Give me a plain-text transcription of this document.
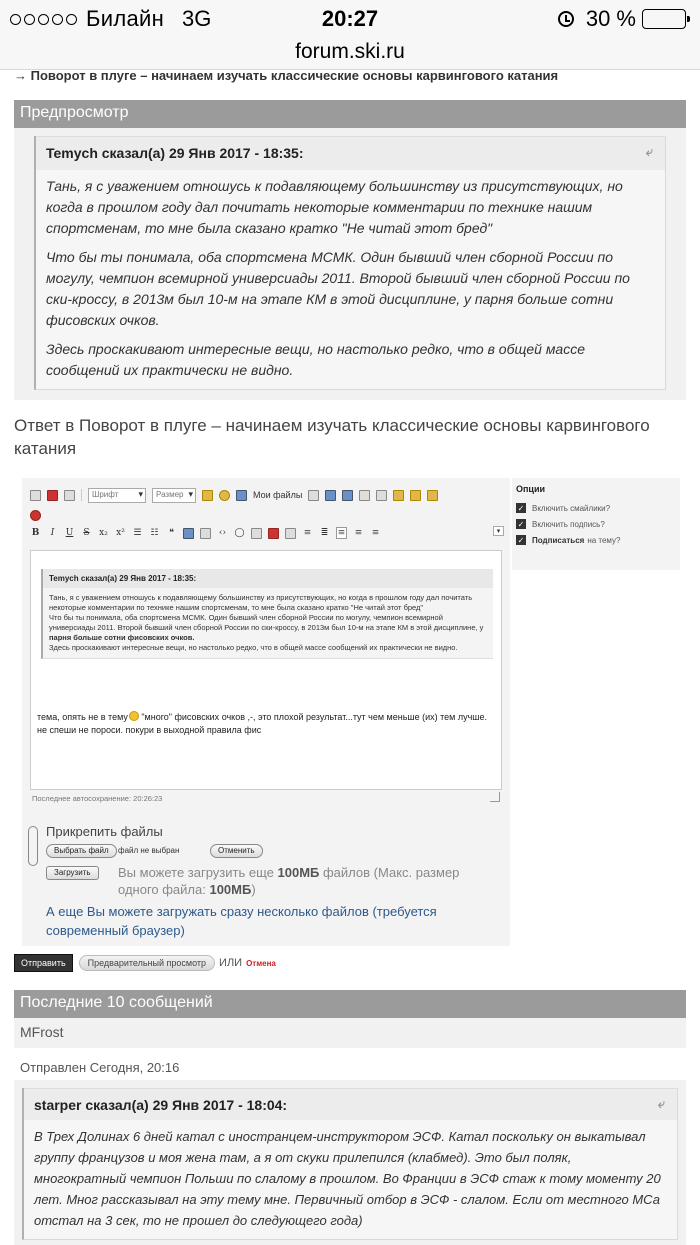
Билайн 3G	20:27	30 %
forum.ski.ru
→ Поворот в плуге – начинаем изучать классические основы карвингового катания
Предпросмотр
Temych сказал(а) 29 Янв 2017 - 18:35:	⤶

Тань, я с уважением отношусь к подавляющему большинству из присутствующих, но когда в прошлом году дал почитать некоторые комментарии по технике нашим спортсменам, то мне была сказано кратко "Не читай этот бред"

Что бы ты понимала, оба спортсмена МСМК. Один бывший член сборной России по могулу, чемпион всемирной универсиады 2011. Второй бывший член сборной России по ски-кроссу, в 2013м был 10-м на этапе КМ в этой дисциплине, у парня больше сотни фисовских очков.

Здесь проскакивают интересные вещи, но настолько редко, что в общей массе сообщений их практически не видно.

Ответ в Поворот в плуге – начинаем изучать классические основы карвингового катания
Шрифт ▾	Размер ▾	Мои файлы
B	I	U S x₂ x² ☰ ☷	❝	‹› ◯	≡ ≣ ≡ ≡ ≡	▾
Temych сказал(а) 29 Янв 2017 - 18:35:
Тань, я с уважением отношусь к подавляющему большинству из присутствующих, но когда в прошлом году дал почитать некоторые комментарии по технике нашим спортсменам, то мне была сказано кратко "Не читай этот бред"
Что бы ты понимала, оба спортсмена МСМК. Один бывший член сборной России по могулу, чемпион всемирной универсиады 2011. Второй бывший член сборной России по ски-кроссу, в 2013м был 10-м на этапе КМ в этой дисциплине, у парня больше сотни фисовских очков.
Здесь проскакивают интересные вещи, но настолько редко, что в общей массе сообщений их практически не видно.
тема, опять не в тему "много" фисовских очков ,-, это плохой результат...тут чем меньше (их) тем лучше. не спеши не пороси. покури в выходной правила фис
Последнее автосохранение: 20:26:23
Прикрепить файлы
Выбрать файл	файл не выбран	Отменить
Загрузить	Вы можете загрузить еще 100МБ файлов (Макс. размер одного файла: 100МБ)
А еще Вы можете загружать сразу несколько файлов (требуется современный браузер)
Опции
✓ Включить смайлики?
✓ Включить подпись?
✓ Подписаться на тему?
Отправить	Предварительный просмотр	ИЛИ Отмена
Последние 10 сообщений
MFrost
Отправлен Сегодня, 20:16
starper сказал(а) 29 Янв 2017 - 18:04:	⤶
В Трех Долинах 6 дней катал с иностранцем-инструктором ЭСФ. Катал поскольку он выкатывал группу французов и моя жена там, а я от скуки прилепился (клабмед). Это был поляк, многократный чемпион Польши по слалому в прошлом. Во Франции в ЭСФ стаж к тому моменту 20 лет. Мног рассказывал на эту тему мне. Первичный отбор в ЭСФ - слалом. Если от местного МСа отстал на 3 сек, то не прошел до следующего года)
